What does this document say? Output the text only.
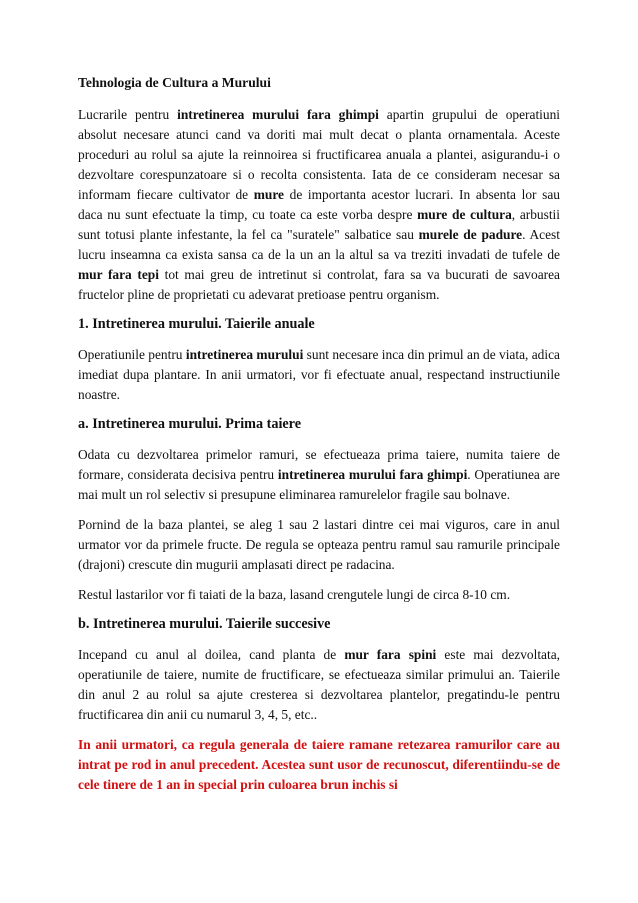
Tehnologia de Cultura a Murului

Lucrarile pentru intretinerea murului fara ghimpi apartin grupului de operatiuni absolut necesare atunci cand va doriti mai mult decat o planta ornamentala. Aceste proceduri au rolul sa ajute la reinnoirea si fructificarea anuala a plantei, asigurandu-i o dezvoltare corespunzatoare si o recolta consistenta. Iata de ce consideram necesar sa informam fiecare cultivator de mure de importanta acestor lucrari. In absenta lor sau daca nu sunt efectuate la timp, cu toate ca este vorba despre mure de cultura, arbustii sunt totusi plante infestante, la fel ca "suratele" salbatice sau murele de padure. Acest lucru inseamna ca exista sansa ca de la un an la altul sa va treziti invadati de tufele de mur fara tepi tot mai greu de intretinut si controlat, fara sa va bucurati de savoarea fructelor pline de proprietati cu adevarat pretioase pentru organism.

1. Intretinerea murului. Taierile anuale

Operatiunile pentru intretinerea murului sunt necesare inca din primul an de viata, adica imediat dupa plantare. In anii urmatori, vor fi efectuate anual, respectand instructiunile noastre.

a. Intretinerea murului. Prima taiere

Odata cu dezvoltarea primelor ramuri, se efectueaza prima taiere, numita taiere de formare, considerata decisiva pentru intretinerea murului fara ghimpi. Operatiunea are mai mult un rol selectiv si presupune eliminarea ramurelelor fragile sau bolnave.

Pornind de la baza plantei, se aleg 1 sau 2 lastari dintre cei mai viguros, care in anul urmator vor da primele fructe. De regula se opteaza pentru ramul sau ramurile principale (drajoni) crescute din mugurii amplasati direct pe radacina.

Restul lastarilor vor fi taiati de la baza, lasand crengutele lungi de circa 8-10 cm.

b. Intretinerea murului. Taierile succesive

Incepand cu anul al doilea, cand planta de mur fara spini este mai dezvoltata, operatiunile de taiere, numite de fructificare, se efectueaza similar primului an. Taierile din anul 2 au rolul sa ajute cresterea si dezvoltarea plantelor, pregatindu-le pentru fructificarea din anii cu numarul 3, 4, 5, etc..

In anii urmatori, ca regula generala de taiere ramane retezarea ramurilor care au intrat pe rod in anul precedent. Acestea sunt usor de recunoscut, diferentiindu-se de cele tinere de 1 an in special prin culoarea brun inchis si
